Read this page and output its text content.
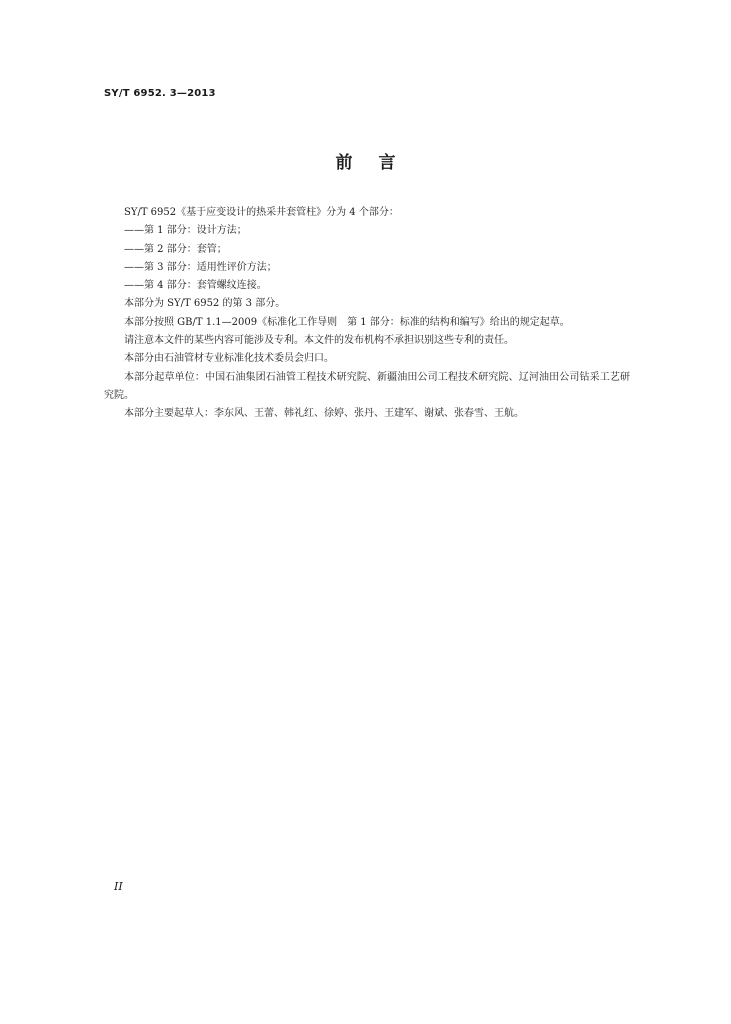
SY/T 6952. 3—2013
前言

SY/T 6952《基于应变设计的热采井套管柱》分为 4 个部分：

——第 1 部分：设计方法；

——第 2 部分：套管；

——第 3 部分：适用性评价方法；

——第 4 部分：套管螺纹连接。

本部分为 SY/T 6952 的第 3 部分。

本部分按照 GB/T 1.1—2009《标准化工作导则　第 1 部分：标准的结构和编写》给出的规定起草。

请注意本文件的某些内容可能涉及专利。本文件的发布机构不承担识别这些专利的责任。

本部分由石油管材专业标准化技术委员会归口。

本部分起草单位：中国石油集团石油管工程技术研究院、新疆油田公司工程技术研究院、辽河油田公司钻采工艺研究院。

本部分主要起草人：李东风、王蕾、韩礼红、徐婷、张丹、王建军、谢斌、张春雪、王航。

II
